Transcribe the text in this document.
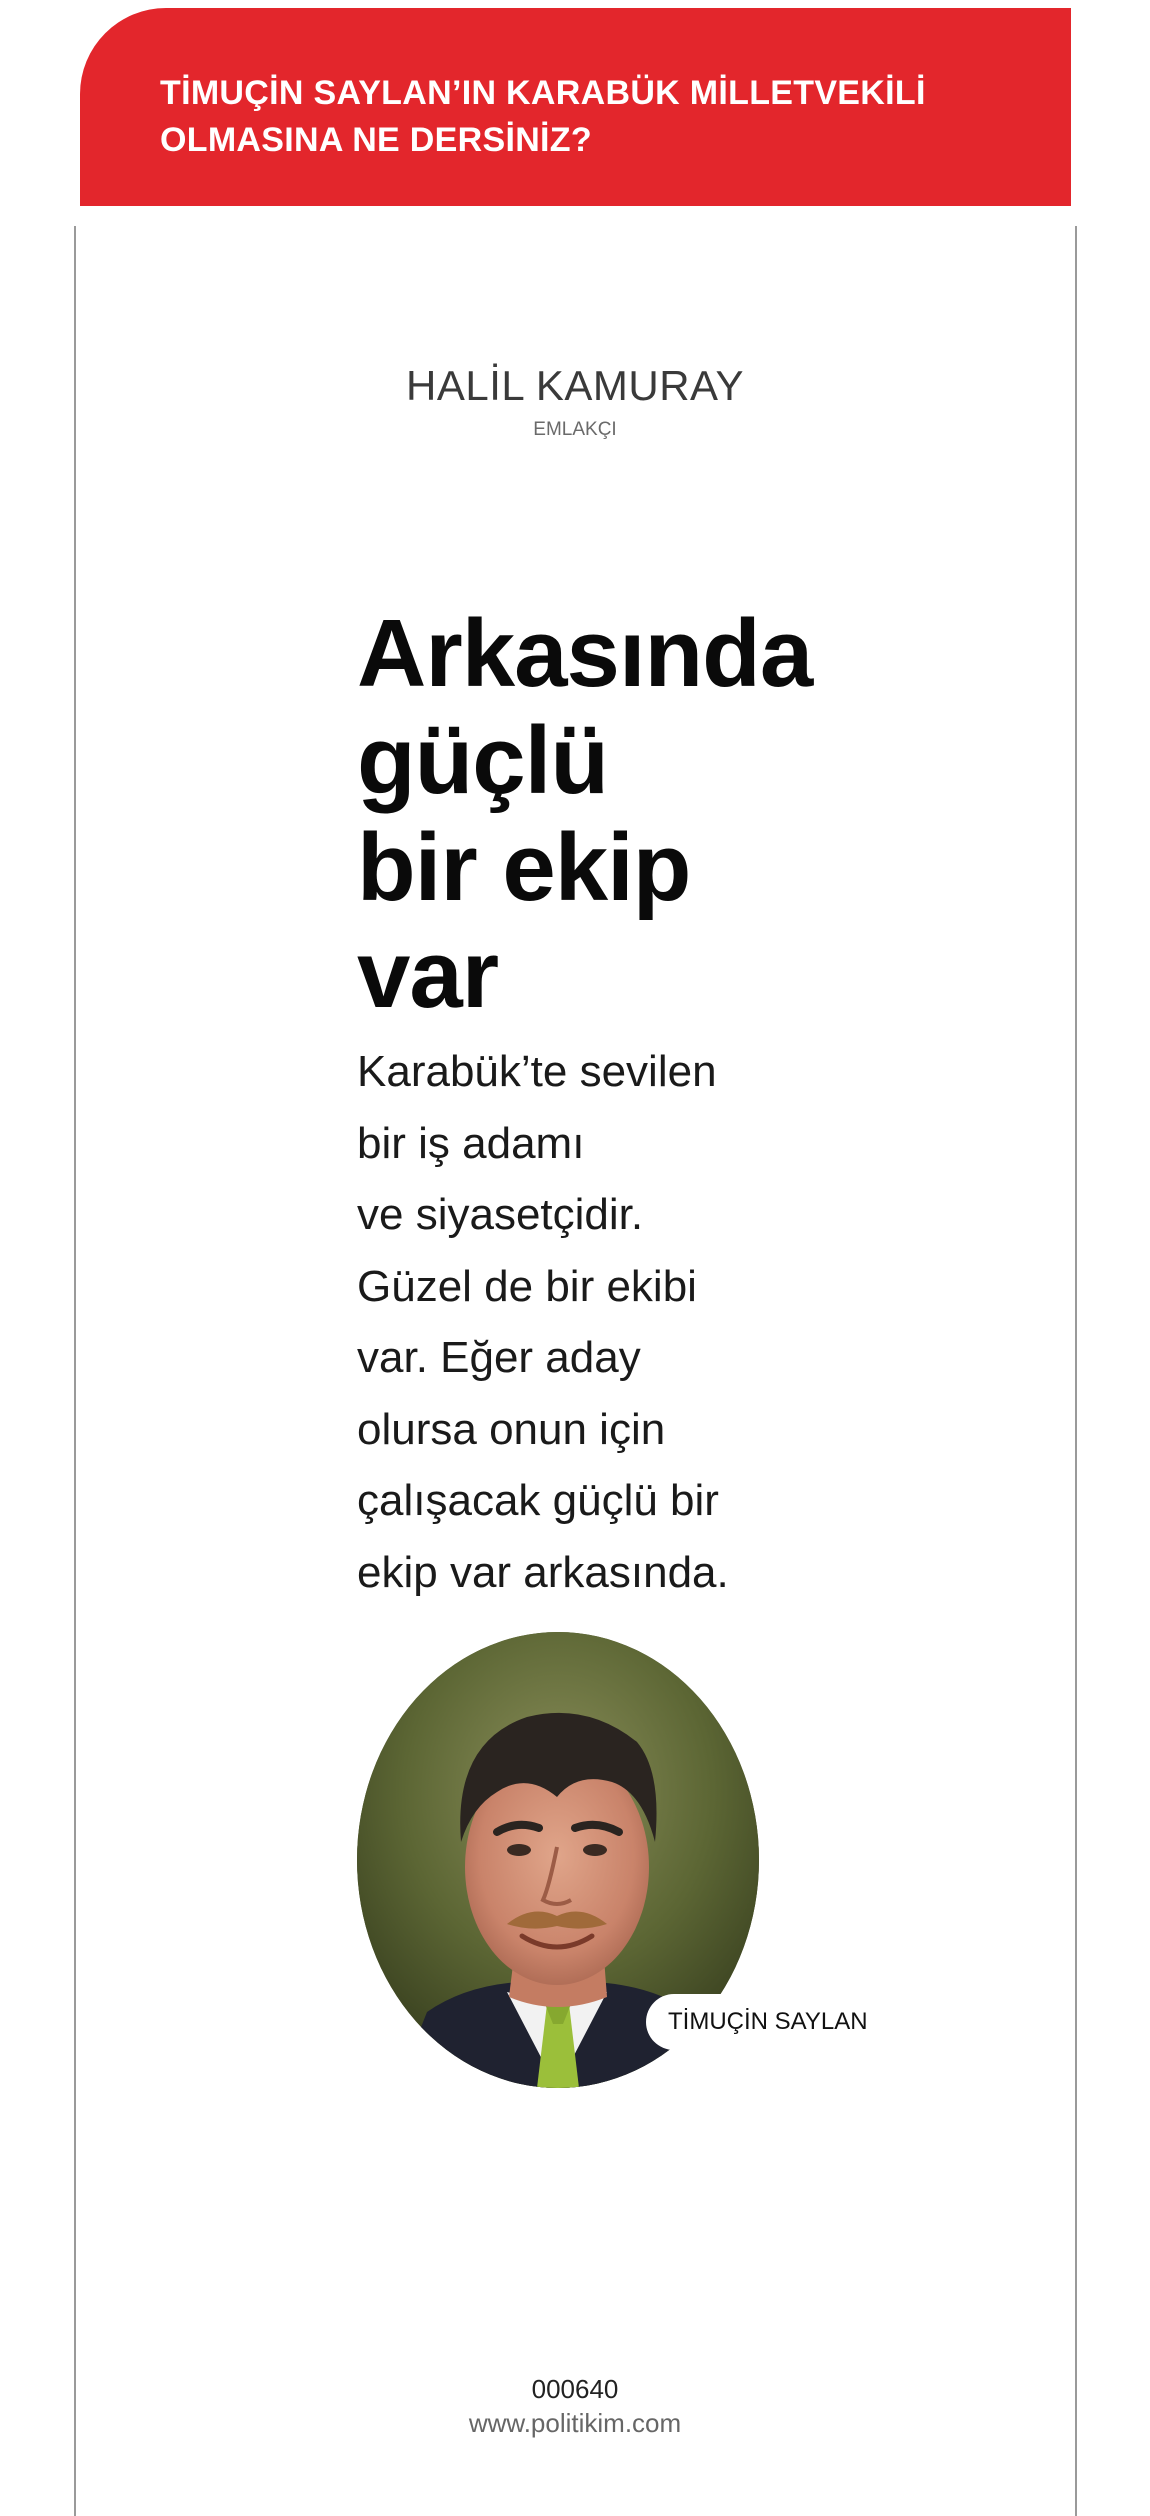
TİMUÇİN SAYLAN’IN KARABÜK MİLLETVEKİLİ
OLMASINA NE DERSİNİZ?
HALİL KAMURAY
EMLAKÇI
Arkasında
güçlü
bir ekip
var
Karabük’te sevilen
bir iş adamı
ve siyasetçidir.
Güzel de bir ekibi
var. Eğer aday
olursa onun için
çalışacak güçlü bir
ekip var arkasında.
TİMUÇİN SAYLAN
000640
www.politikim.com
